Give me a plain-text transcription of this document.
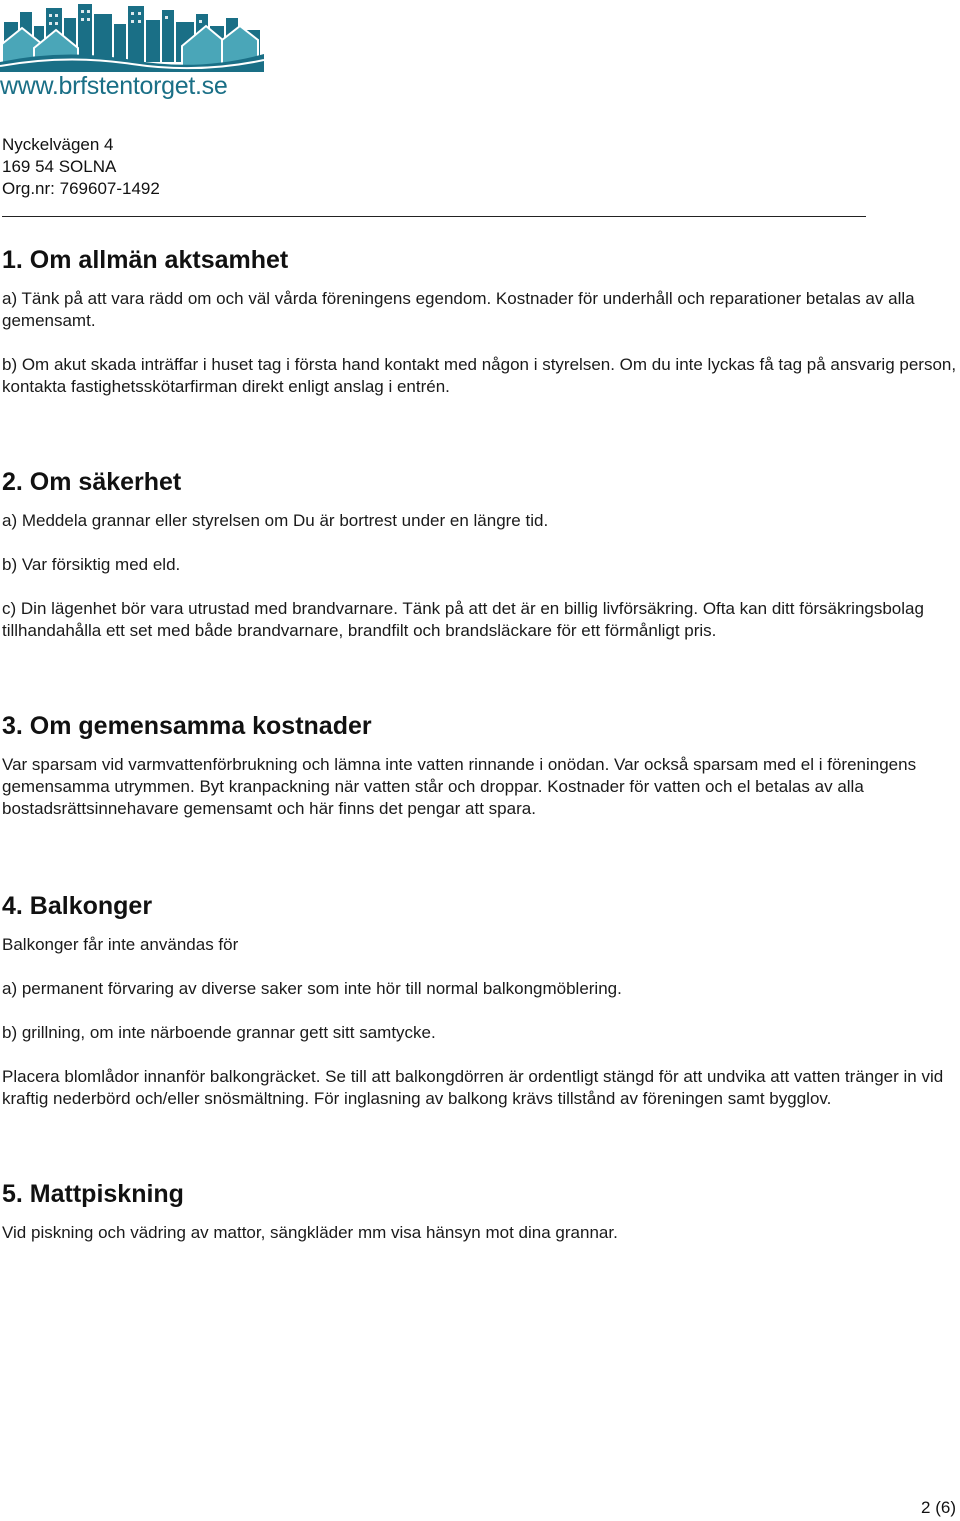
www.brfstentorget.se
Nyckelvägen 4
169 54 SOLNA
Org.nr: 769607-1492
1. Om allmän aktsamhet

a) Tänk på att vara rädd om och väl vårda föreningens egendom. Kostnader för underhåll och reparationer betalas av alla gemensamt.

b) Om akut skada inträffar i huset tag i första hand kontakt med någon i styrelsen. Om du inte lyckas få tag på ansvarig person, kontakta fastighetsskötarfirman direkt enligt anslag i entrén.

2. Om säkerhet

a) Meddela grannar eller styrelsen om Du är bortrest under en längre tid.

b) Var försiktig med eld.

c) Din lägenhet bör vara utrustad med brandvarnare. Tänk på att det är en billig livförsäkring. Ofta kan ditt försäkringsbolag tillhandahålla ett set med både brandvarnare, brandfilt och brandsläckare för ett förmånligt pris.

3. Om gemensamma kostnader

Var sparsam vid varmvattenförbrukning och lämna inte vatten rinnande i onödan. Var också sparsam med el i föreningens gemensamma utrymmen. Byt kranpackning när vatten står och droppar. Kostnader för vatten och el betalas av alla bostadsrättsinnehavare gemensamt och här finns det pengar att spara.

4. Balkonger

Balkonger får inte användas för

a) permanent förvaring av diverse saker som inte hör till normal balkongmöblering.

b) grillning, om inte närboende grannar gett sitt samtycke.

Placera blomlådor innanför balkongräcket. Se till att balkongdörren är ordentligt stängd för att undvika att vatten tränger in vid kraftig nederbörd och/eller snösmältning. För inglasning av balkong krävs tillstånd av föreningen samt bygglov.

5. Mattpiskning

Vid piskning och vädring av mattor, sängkläder mm visa hänsyn mot dina grannar.

2 (6)
